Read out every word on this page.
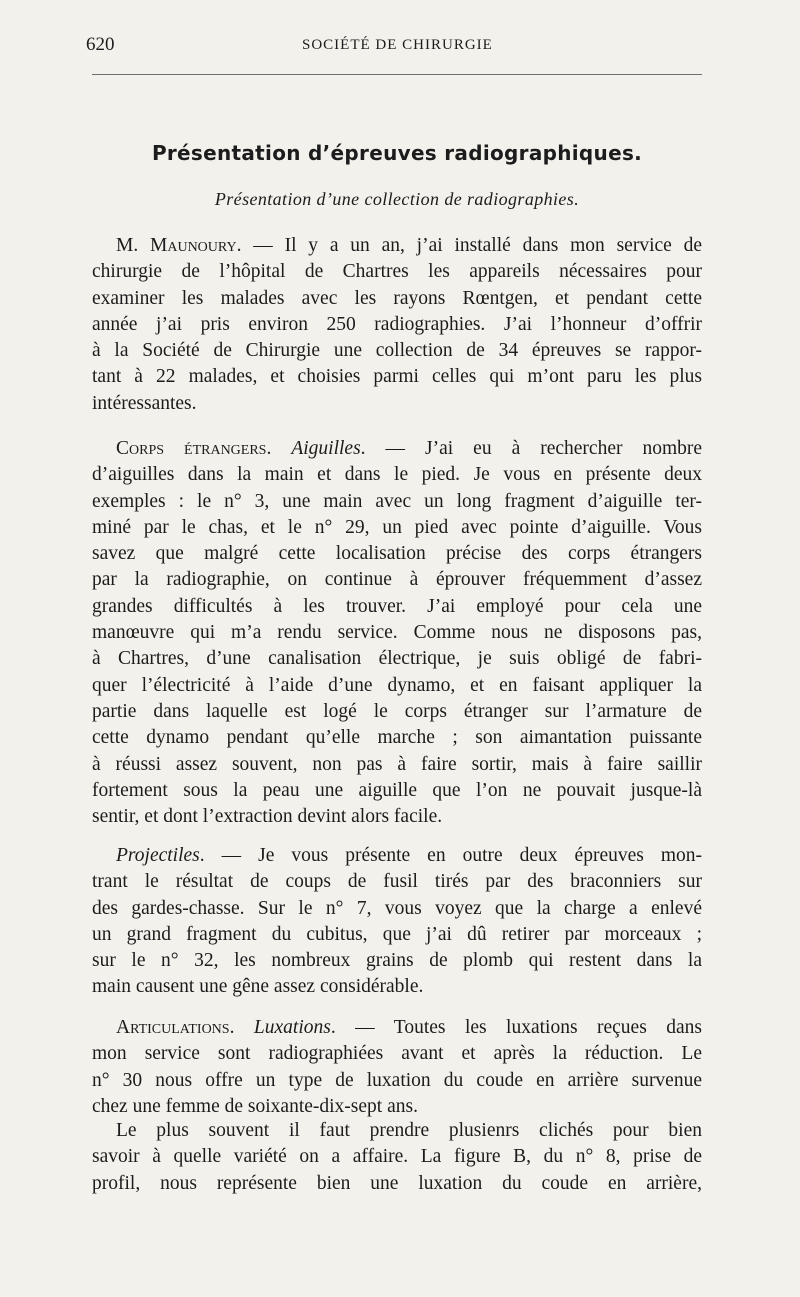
620	SOCIÉTÉ DE CHIRURGIE
Présentation d’épreuves radiographiques.
Présentation d’une collection de radiographies.
M. Maunoury. — Il y a un an, j’ai installé dans mon service de
chirurgie de l’hôpital de Chartres les appareils nécessaires pour
examiner les malades avec les rayons Rœntgen, et pendant cette
année j’ai pris environ 250 radiographies. J’ai l’honneur d’offrir
à la Société de Chirurgie une collection de 34 épreuves se rappor-
tant à 22 malades, et choisies parmi celles qui m’ont paru les plus
intéressantes.
Corps étrangers. Aiguilles. — J’ai eu à rechercher nombre
d’aiguilles dans la main et dans le pied. Je vous en présente deux
exemples : le n° 3, une main avec un long fragment d’aiguille ter-
miné par le chas, et le n° 29, un pied avec pointe d’aiguille. Vous
savez que malgré cette localisation précise des corps étrangers
par la radiographie, on continue à éprouver fréquemment d’assez
grandes difficultés à les trouver. J’ai employé pour cela une
manœuvre qui m’a rendu service. Comme nous ne disposons pas,
à Chartres, d’une canalisation électrique, je suis obligé de fabri-
quer l’électricité à l’aide d’une dynamo, et en faisant appliquer la
partie dans laquelle est logé le corps étranger sur l’armature de
cette dynamo pendant qu’elle marche ; son aimantation puissante
à réussi assez souvent, non pas à faire sortir, mais à faire saillir
fortement sous la peau une aiguille que l’on ne pouvait jusque-là
sentir, et dont l’extraction devint alors facile.
Projectiles. — Je vous présente en outre deux épreuves mon-
trant le résultat de coups de fusil tirés par des braconniers sur
des gardes-chasse. Sur le n° 7, vous voyez que la charge a enlevé
un grand fragment du cubitus, que j’ai dû retirer par morceaux ;
sur le n° 32, les nombreux grains de plomb qui restent dans la
main causent une gêne assez considérable.
Articulations. Luxations. — Toutes les luxations reçues dans
mon service sont radiographiées avant et après la réduction. Le
n° 30 nous offre un type de luxation du coude en arrière survenue
chez une femme de soixante-dix-sept ans.
Le plus souvent il faut prendre plusienrs clichés pour bien
savoir à quelle variété on a affaire. La figure B, du n° 8, prise de
profil, nous représente bien une luxation du coude en arrière,
